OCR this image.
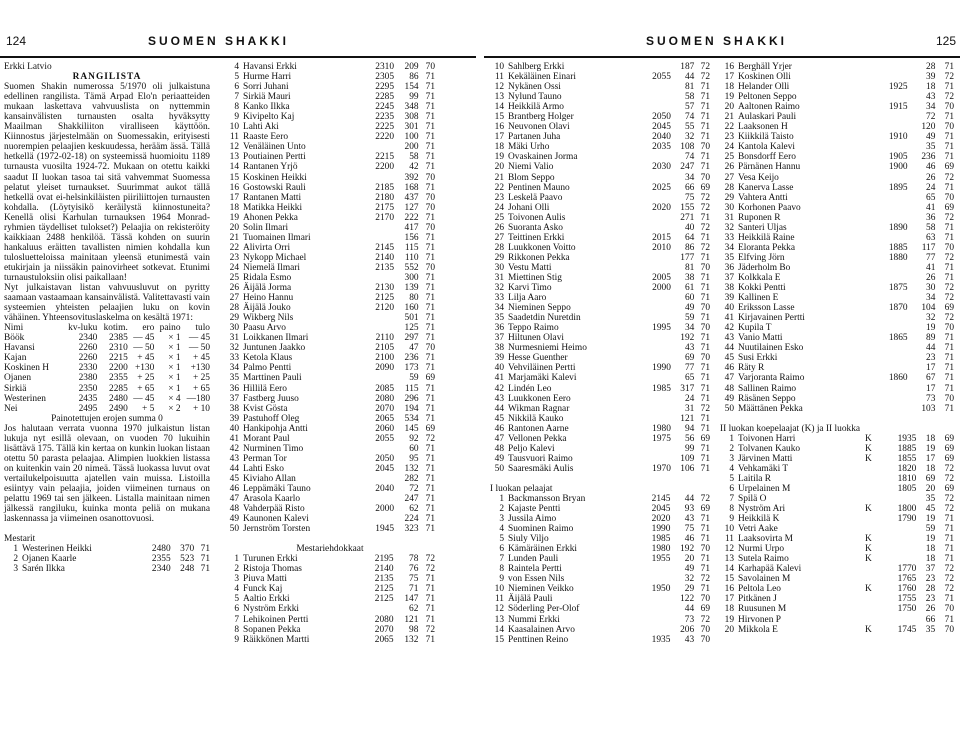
124	SUOMEN SHAKKI
Erkki Latvio
RANGILISTA

Suomen Shakin numerossa 5/1970 oli julkaistuna edellinen rangilista. Tämä Arpad Elo'n periaatteiden mukaan laskettava vahvuuslista on nyttemmin kansainvälisten turnausten osalta hyväksytty Maailman Shakkiliiton viralliseen käyttöön. Kiinnostus järjestelmään on Suomessakin, erityisesti nuorempien pelaajien keskuudessa, herääm ässä. Tällä hetkellä (1972-02-18) on systeemissä huomioitu 1189 turnausta vuosilta 1924-72. Mukaan on otettu kaikki saadut II luokan tasoa tai sitä vahvemmat Suomessa pelatut yleiset turnaukset. Suurimmat aukot tällä hetkellä ovat ei-helsinkiläisten piiriliittojen turnausten kohdalla. (Löytyisikö keräilystä kiinnostuneita? Kenellä olisi Karhulan turnauksen 1964 Monrad-ryhmien täydelliset tulokset?) Pelaajia on rekisteröity kaikkiaan 2488 henkilöä. Tässä kohden on suurin hankaluus eräitten tavallisten nimien kohdalla kun tulosluetteloissa mainitaan yleensä etunimestä vain etukirjain ja niissäkin painovirheet sotkevat. Etunimi turnaustuloksiin olisi paikallaan!

Nyt julkaistavan listan vahvuusluvut on pyritty saamaan vastaamaan kansainvälistä. Valitettavasti vain systeemien yhteisten pelaajien luku on kovin vähäinen. Yhteensovituslaskelma on kesältä 1971:

Nimi	kv-luku	kotim.	ero	paino	tulo
Böök	2340	2385	— 45	× 1	— 45
Havansi	2260	2310	— 50	× 1	— 50
Kajan	2260	2215	+ 45	× 1	+ 45
Koskinen H	2330	2200	+130	× 1	+130
Ojanen	2380	2355	+ 25	× 1	+ 25
Sirkiä	2350	2285	+ 65	× 1	+ 65
Westerinen	2435	2480	— 45	× 4	—180
Nei	2495	2490	+ 5	× 2	+ 10
Painotettujen erojen summa 0

Jos halutaan verrata vuonna 1970 julkaistun listan lukuja nyt esillä olevaan, on vuoden 70 lukuihin lisättävä 175. Tällä kin kertaa on kunkin luokan listaan otettu 50 parasta pelaajaa. Alimpien luokkien listassa on kuitenkin vain 20 nimeä. Tässä luokassa luvut ovat vertailukelpoisuutta ajatellen vain muissa. Listoilla esiintyy vain pelaajia, joiden viimeinen turnaus on pelattu 1969 tai sen jälkeen. Listalla mainitaan nimen jälkessä rangiluku, kuinka monta peliä on mukana laskennassa ja viimeinen osanottovuosi.

Mestarit
1	Westerinen Heikki	2480	370	71
2	Ojanen Kaarle	2355	523	71
3	Sarén Ilkka	2340	248	71
4	Havansi Erkki	2310	209	70
5	Hurme Harri	2305	86	71
6	Sorri Juhani	2295	154	71
7	Sirkiä Mauri	2285	99	71
8	Kanko Ilkka	2245	348	71
9	Kivipelto Kaj	2235	308	71
10	Lahti Aki	2225	301	71
11	Raaste Eero	2220	100	71
12	Venäläinen Unto		200	71
13	Poutiainen Pertti	2215	58	71
14	Rantanen Yrjö	2200	42	71
15	Koskinen Heikki		392	70
16	Gostowski Rauli	2185	168	71
17	Rantanen Matti	2180	437	70
18	Matikka Heikki	2175	127	70
19	Ahonen Pekka	2170	222	71
20	Solin Ilmari		417	70
21	Tuomainen Ilmari		156	71
22	Alivirta Orri	2145	115	71
23	Nykopp Michael	2140	110	71
24	Niemelä Ilmari	2135	552	70
25	Ridala Esmo		300	71
26	Äijälä Jorma	2130	139	71
27	Heino Hannu	2125	80	71
28	Äijälä Jouko	2120	160	71
29	Wikberg Nils		501	71
30	Paasu Arvo		125	71
31	Loikkanen Ilmari	2110	297	71
32	Juntunen Jaakko	2105	47	70
33	Ketola Klaus	2100	236	71
34	Palmo Pentti	2090	173	71
35	Marttinen Pauli		59	69
36	Hillilä Eero	2085	115	71
37	Fastberg Juuso	2080	296	71
38	Kvist Gösta	2070	194	71
39	Pastuhoff Oleg	2065	534	71
40	Hankipohja Antti	2060	145	69
41	Morant Paul	2055	92	72
42	Nurminen Timo		60	71
43	Perman Tor	2050	95	71
44	Lahti Esko	2045	132	71
45	Kiviaho Allan		282	71
46	Leppämäki Tauno	2040	72	71
47	Arasola Kaarlo		247	71
48	Vahderpää Risto	2000	62	71
49	Kaunonen Kalevi		224	71
50	Jernström Torsten	1945	323	71
Mestariehdokkaat
1	Turunen Erkki	2195	78	72
2	Ristoja Thomas	2140	76	72
3	Piuva Matti	2135	75	71
4	Funck Kaj	2125	71	71
5	Aaltio Erkki	2125	147	71
6	Nyström Erkki		62	71
7	Lehikoinen Pertti	2080	121	71
8	Sopanen Pekka	2070	98	72
9	Räikkönen Martti	2065	132	71
SUOMEN SHAKKI	125
10	Sahlberg Erkki		187	72
11	Kekäläinen Einari	2055	44	72
12	Nykänen Ossi		81	71
13	Nylund Tauno		58	71
14	Heikkilä Armo		57	71
15	Brantberg Holger	2050	74	71
16	Neuvonen Olavi	2045	55	71
17	Partanen Juha	2040	32	71
18	Mäki Urho	2035	108	70
19	Ovaskainen Jorma		74	71
20	Niemi Valio	2030	247	71
21	Blom Seppo		34	70
22	Pentinen Mauno	2025	66	69
23	Leskelä Paavo		75	72
24	Johani Olli	2020	155	72
25	Toivonen Aulis		271	71
26	Suoranta Asko		40	72
27	Teittinen Erkki	2015	64	71
28	Luukkonen Voitto	2010	86	72
29	Rikkonen Pekka		177	71
30	Vestu Matti		81	70
31	Miettinen Stig	2005	38	71
32	Karvi Timo	2000	61	71
33	Lilja Aaro		60	71
34	Nieminen Seppo		49	70
35	Saadetdin Nuretdin		59	71
36	Teppo Raimo	1995	34	70
37	Hiltunen Olavi		192	71
38	Nurmesniemi Heimo		43	71
39	Hesse Guenther		69	70
40	Vehviläinen Pertti	1990	77	71
41	Marjamäki Kalevi		65	71
42	Lindén Leo	1985	317	71
43	Luukkonen Eero		24	71
44	Wikman Ragnar		31	72
45	Nikkilä Kauko		121	71
46	Rantonen Aarne	1980	94	71
47	Vellonen Pekka	1975	56	69
48	Peljo Kalevi		99	71
49	Tausvuori Raimo		109	71
50	Saaresmäki Aulis	1970	106	71
I luokan pelaajat
1	Backmansson Bryan	2145	44	72
2	Kajaste Pentti	2045	93	69
3	Jussila Aimo	2020	43	71
4	Suominen Raimo	1990	75	71
5	Siuly Viljo	1985	46	71
6	Kämäräinen Erkki	1980	192	70
7	Lunden Pauli	1955	20	71
8	Raintela Pertti		49	71
9	von Essen Nils		32	72
10	Nieminen Veikko	1950	29	71
11	Äijälä Pauli		122	70
12	Söderling Per-Olof		44	69
13	Nummi Erkki		73	72
14	Kaasalainen Arvo		206	70
15	Penttinen Reino	1935	43	70
16	Berghäll Yrjer			28	71
17	Koskinen Olli			39	72
18	Helander Olli		1925	18	71
19	Peltonen Seppo			43	72
20	Aaltonen Raimo		1915	34	70
21	Aulaskari Pauli			72	71
22	Laaksonen H			120	70
23	Kiikkilä Taisto		1910	49	71
24	Kantola Kalevi			35	71
25	Bonsdorff Eero		1905	236	71
26	Pärnänen Hannu		1900	46	69
27	Vesa Keijo			26	72
28	Kanerva Lasse		1895	24	71
29	Vahtera Antti			65	70
30	Korhonen Paavo			41	69
31	Ruponen R			36	72
32	Santeri Uljas		1890	58	71
33	Heikkilä Raine			63	71
34	Eloranta Pekka		1885	117	70
35	Elfving Jörn		1880	77	72
36	Jäderholm Bo			41	71
37	Kolkkala E			26	71
38	Kokki Pentti		1875	30	72
39	Kallinen E			34	72
40	Eriksson Lasse		1870	104	69
41	Kirjavainen Pertti			32	72
42	Kupila T			19	70
43	Vanio Matti		1865	89	71
44	Nuutilainen Esko			44	71
45	Susi Erkki			23	71
46	Räty R			17	71
47	Varjoranta Raimo		1860	67	71
48	Sallinen Raimo			17	71
49	Räsänen Seppo			73	70
50	Määttänen Pekka			103	71
II luokan koepelaajat (K) ja II luokka
1	Toivonen Harri	K	1935	18	69
2	Tolvanen Kauko	K	1885	19	69
3	Järvinen Matti	K	1855	17	69
4	Vehkamäki T		1820	18	72
5	Laitila R		1810	69	72
6	Urpelainen M		1805	20	69
7	Spilä O			35	72
8	Nyström Ari	K	1800	45	72
9	Heikkilä K		1790	19	71
10	Vetri Aake			59	71
11	Laaksovirta M	K		19	71
12	Nurmi Urpo	K		18	71
13	Sutela Raimo	K		18	71
14	Karhapää Kalevi		1770	37	72
15	Savolainen M		1765	23	72
16	Peltola Leo	K	1760	28	72
17	Pitkänen J		1755	23	71
18	Ruusunen M		1750	26	70
19	Hirvonen P			66	71
20	Mikkola E	K	1745	35	70
